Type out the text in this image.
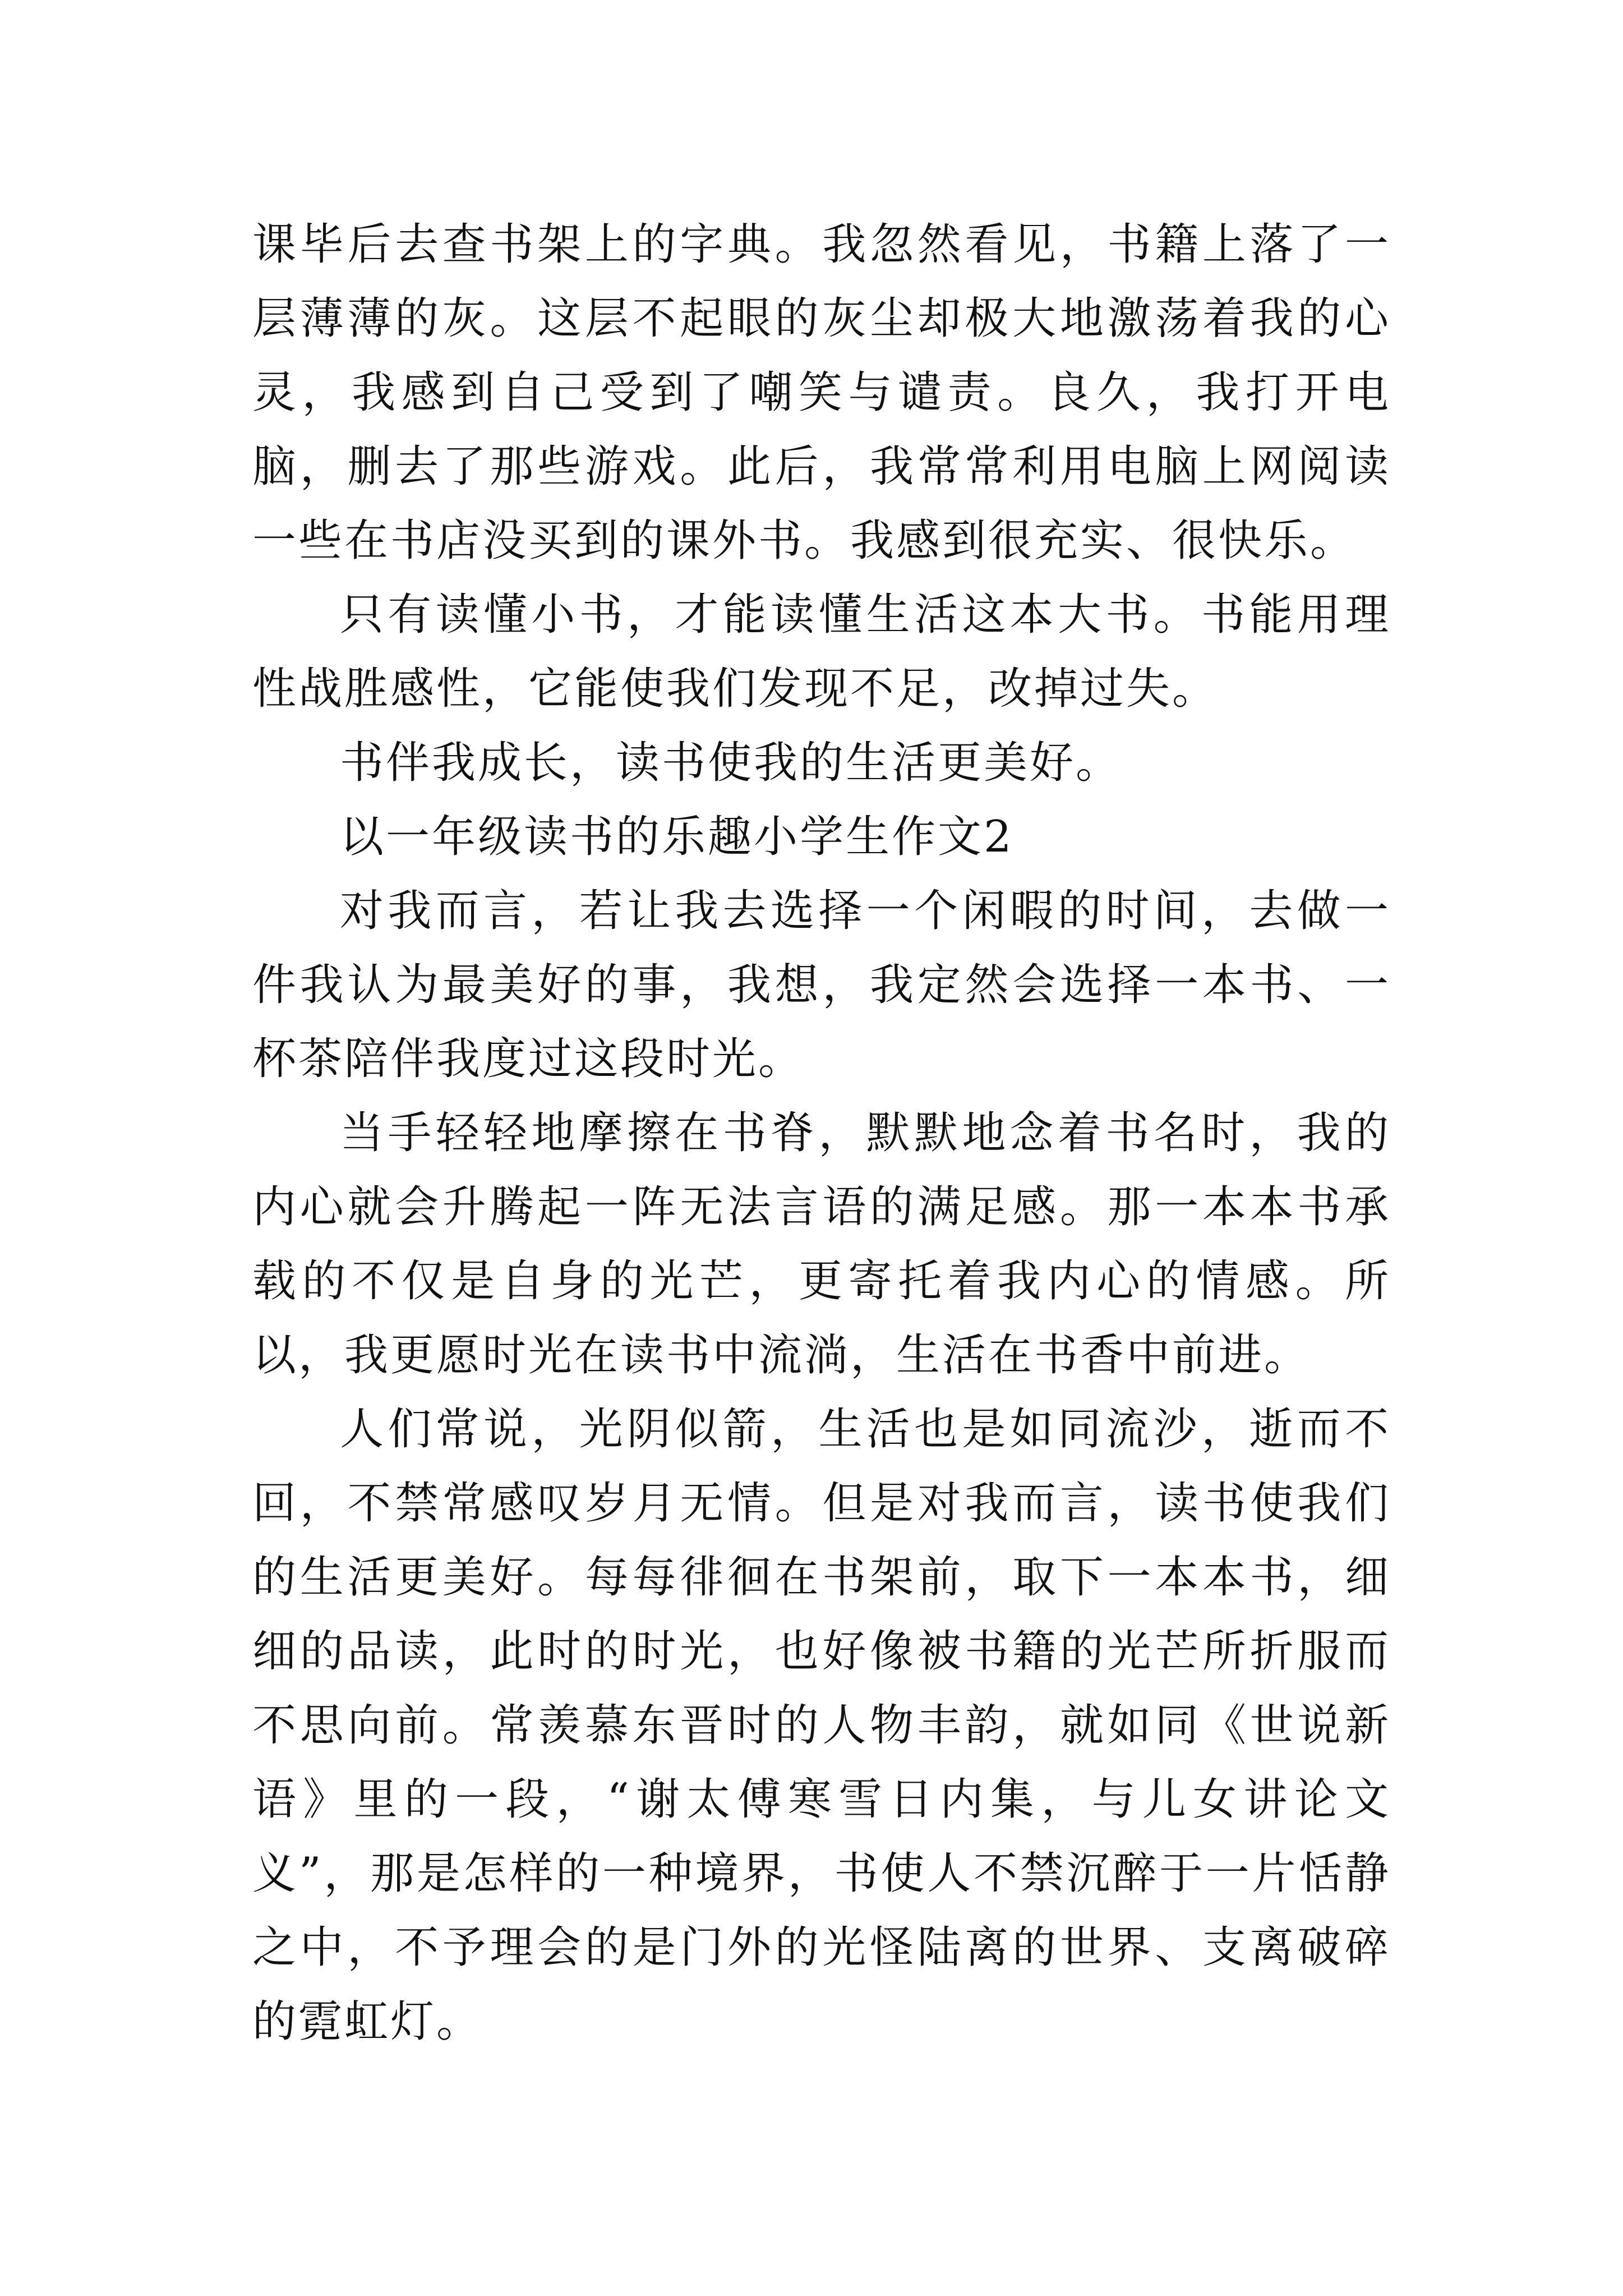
课毕后去查书架上的字典。我忽然看见，书籍上落了一层薄薄的灰。这层不起眼的灰尘却极大地激荡着我的心灵，我感到自己受到了嘲笑与谴责。良久，我打开电脑，删去了那些游戏。此后，我常常利用电脑上网阅读一些在书店没买到的课外书。我感到很充实、很快乐。

只有读懂小书，才能读懂生活这本大书。书能用理性战胜感性，它能使我们发现不足，改掉过失。

书伴我成长，读书使我的生活更美好。

以一年级读书的乐趣小学生作文2

对我而言，若让我去选择一个闲暇的时间，去做一件我认为最美好的事，我想，我定然会选择一本书、一杯茶陪伴我度过这段时光。

当手轻轻地摩擦在书脊，默默地念着书名时，我的内心就会升腾起一阵无法言语的满足感。那一本本书承载的不仅是自身的光芒，更寄托着我内心的情感。所以，我更愿时光在读书中流淌，生活在书香中前进。

人们常说，光阴似箭，生活也是如同流沙，逝而不回，不禁常感叹岁月无情。但是对我而言，读书使我们的生活更美好。每每徘徊在书架前，取下一本本书，细细的品读，此时的时光，也好像被书籍的光芒所折服而不思向前。常羡慕东晋时的人物丰韵，就如同《世说新语》里的一段，“谢太傅寒雪日内集，与儿女讲论文义”，那是怎样的一种境界，书使人不禁沉醉于一片恬静之中，不予理会的是门外的光怪陆离的世界、支离破碎的霓虹灯。
